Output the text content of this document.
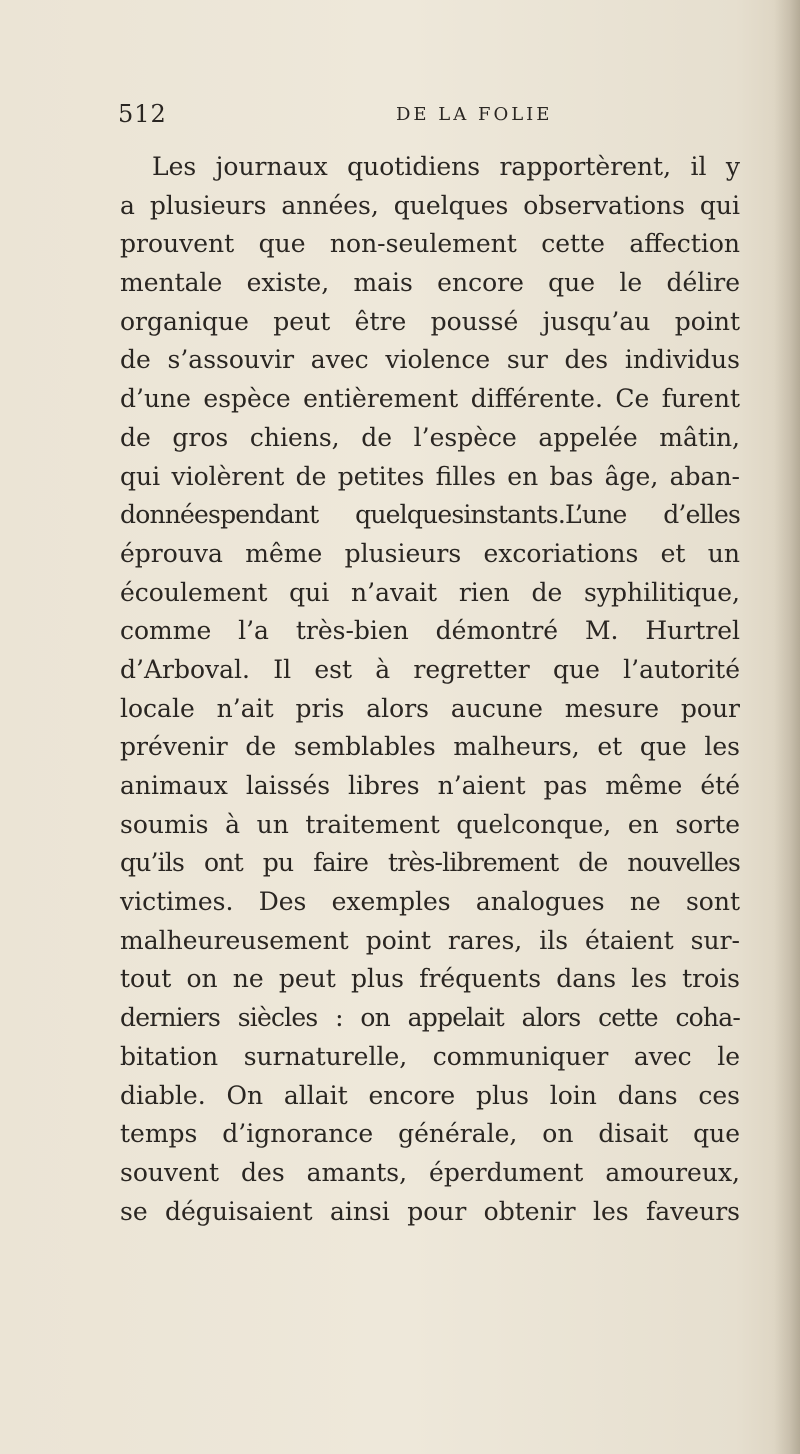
512	DE LA FOLIE
Les journaux quotidiens rapportèrent, il y
a plusieurs années, quelques observations qui
prouvent que non-seulement cette affection
mentale existe, mais encore que le délire
organique peut être poussé jusqu’au point
de s’assouvir avec violence sur des individus
d’une espèce entièrement différente. Ce furent
de gros chiens, de l’espèce appelée mâtin,
qui violèrent de petites filles en bas âge, aban-
donnéespendant quelquesinstants.L’une d’elles
éprouva même plusieurs excoriations et un
écoulement qui n’avait rien de syphilitique,
comme l’a très-bien démontré M. Hurtrel
d’Arboval. Il est à regretter que l’autorité
locale n’ait pris alors aucune mesure pour
prévenir de semblables malheurs, et que les
animaux laissés libres n’aient pas même été
soumis à un traitement quelconque, en sorte
qu’ils ont pu faire très-librement de nouvelles
victimes. Des exemples analogues ne sont
malheureusement point rares, ils étaient sur-
tout on ne peut plus fréquents dans les trois
derniers siècles : on appelait alors cette coha-
bitation surnaturelle, communiquer avec le
diable. On allait encore plus loin dans ces
temps d’ignorance générale, on disait que
souvent des amants, éperdument amoureux,
se déguisaient ainsi pour obtenir les faveurs
